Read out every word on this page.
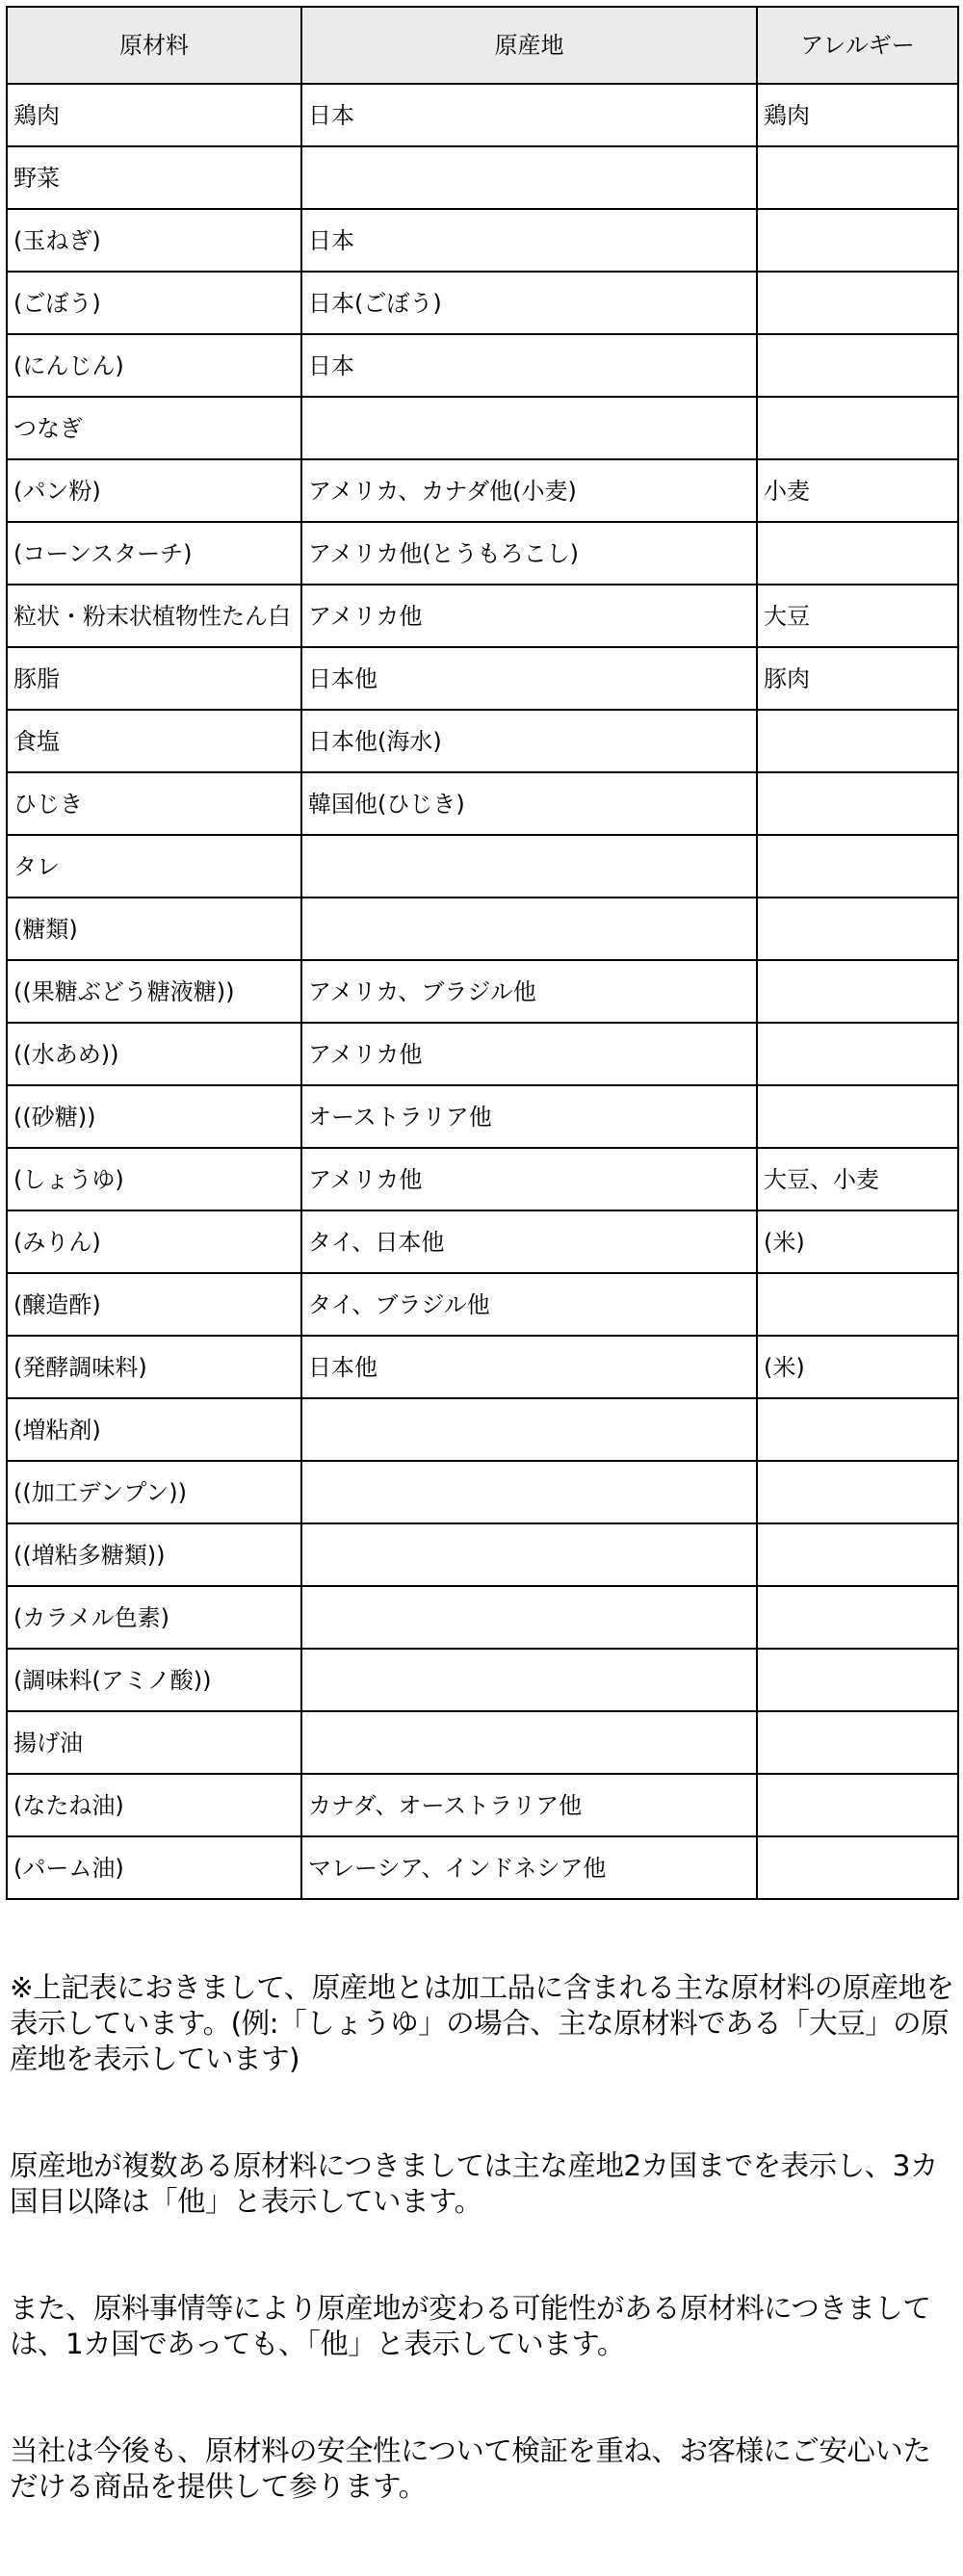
原材料	原産地	アレルギー
鶏肉	日本	鶏肉
野菜		
(玉ねぎ)	日本	
(ごぼう)	日本(ごぼう)	
(にんじん)	日本	
つなぎ		
(パン粉)	アメリカ、カナダ他(小麦)	小麦
(コーンスターチ)	アメリカ他(とうもろこし)	
粒状・粉末状植物性たん白	アメリカ他	大豆
豚脂	日本他	豚肉
食塩	日本他(海水)	
ひじき	韓国他(ひじき)	
タレ		
(糖類)		
((果糖ぶどう糖液糖))	アメリカ、ブラジル他	
((水あめ))	アメリカ他	
((砂糖))	オーストラリア他	
(しょうゆ)	アメリカ他	大豆、小麦
(みりん)	タイ、日本他	(米)
(醸造酢)	タイ、ブラジル他	
(発酵調味料)	日本他	(米)
(増粘剤)		
((加工デンプン))		
((増粘多糖類))		
(カラメル色素)		
(調味料(アミノ酸))		
揚げ油		
(なたね油)	カナダ、オーストラリア他	
(パーム油)	マレーシア、インドネシア他	

※上記表におきまして、原産地とは加工品に含まれる主な原材料の原産地を表示しています。(例:「しょうゆ」の場合、主な原材料である「大豆」の原産地を表示しています)

原産地が複数ある原材料につきましては主な産地2カ国までを表示し、3カ国目以降は「他」と表示しています。

また、原料事情等により原産地が変わる可能性がある原材料につきましては、1カ国であっても、「他」と表示しています。

当社は今後も、原材料の安全性について検証を重ね、お客様にご安心いただける商品を提供して参ります。
